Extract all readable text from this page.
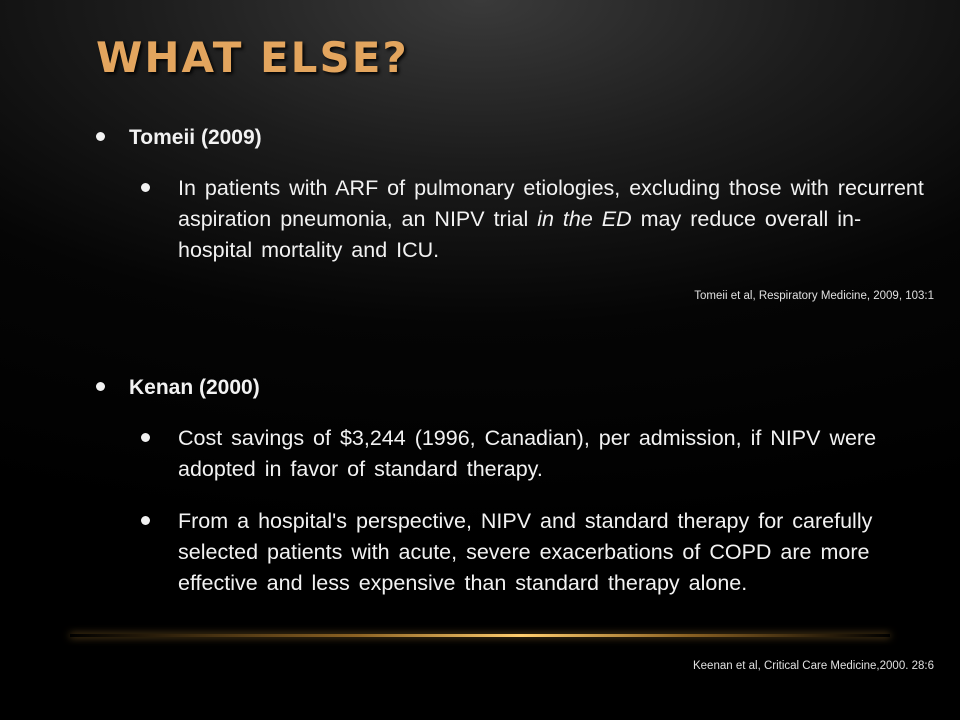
WHAT ELSE?
Tomeii (2009)
In patients with ARF of pulmonary etiologies, excluding those with recurrent aspiration pneumonia, an NIPV trial in the ED may reduce overall in-hospital mortality and ICU.
Tomeii et al, Respiratory Medicine, 2009, 103:1
Kenan (2000)
Cost savings of $3,244 (1996, Canadian), per admission, if NIPV were adopted in favor of standard therapy.
From a hospital's perspective, NIPV and standard therapy for carefully selected patients with acute, severe exacerbations of COPD are more effective and less expensive than standard therapy alone.
Keenan et al, Critical Care Medicine,2000. 28:6
